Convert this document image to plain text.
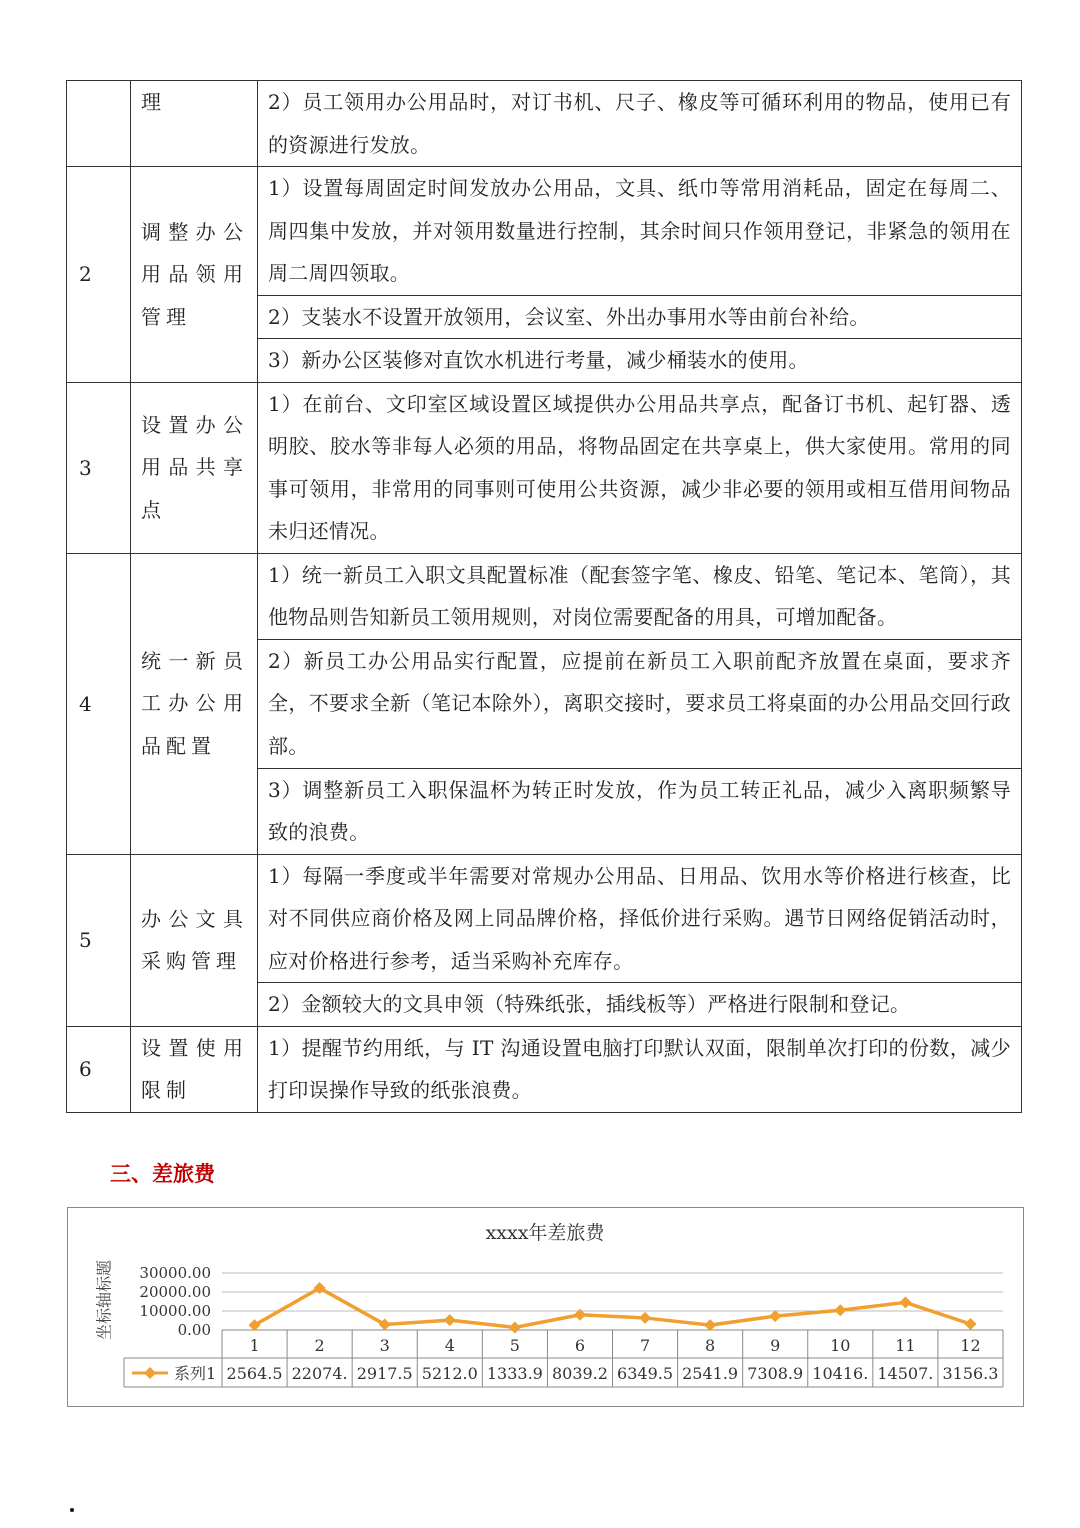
	理	2）员工领用办公用品时，对订书机、尺子、橡皮等可循环利用的物品，使用已有的资源进行发放。
2	调整办公用品领用管理	1）设置每周固定时间发放办公用品，文具、纸巾等常用消耗品，固定在每周二、周四集中发放，并对领用数量进行控制，其余时间只作领用登记，非紧急的领用在周二周四领取。
		2）支装水不设置开放领用，会议室、外出办事用水等由前台补给。
		3）新办公区装修对直饮水机进行考量，减少桶装水的使用。
3	设置办公用品共享点	1）在前台、文印室区域设置区域提供办公用品共享点，配备订书机、起钉器、透明胶、胶水等非每人必须的用品，将物品固定在共享桌上，供大家使用。常用的同事可领用，非常用的同事则可使用公共资源，减少非必要的领用或相互借用间物品未归还情况。
4	统一新员工办公用品配置	1）统一新员工入职文具配置标准（配套签字笔、橡皮、铅笔、笔记本、笔筒），其他物品则告知新员工领用规则，对岗位需要配备的用具，可增加配备。
		2）新员工办公用品实行配置，应提前在新员工入职前配齐放置在桌面，要求齐全，不要求全新（笔记本除外），离职交接时，要求员工将桌面的办公用品交回行政部。
		3）调整新员工入职保温杯为转正时发放，作为员工转正礼品，减少入离职频繁导致的浪费。
5	办公文具采购管理	1）每隔一季度或半年需要对常规办公用品、日用品、饮用水等价格进行核查，比对不同供应商价格及网上同品牌价格，择低价进行采购。遇节日网络促销活动时，应对价格进行参考，适当采购补充库存。
		2）金额较大的文具申领（特殊纸张，插线板等）严格进行限制和登记。
6	设置使用限制	1）提醒节约用纸，与 IT 沟通设置电脑打印默认双面，限制单次打印的份数，减少打印误操作导致的纸张浪费。
三、差旅费
xxxx年差旅费
坐标轴标题 30000.00
20000.00
10000.00
0.00
1	2	3	4	5	6	7	8	9	10	11	12
系列1 2564.5 22074. 2917.5 5212.0 1333.9 8039.2 6349.5 2541.9 7308.9 10416. 14507. 3156.3
